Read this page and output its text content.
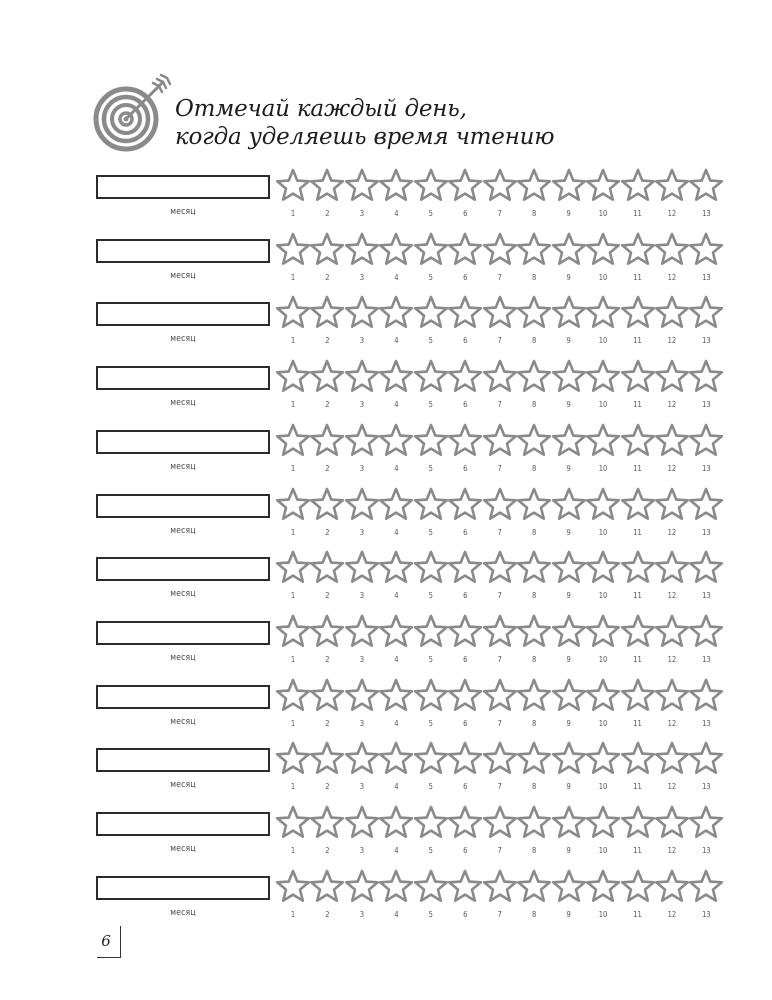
Отмечай каждый день,
когда уделяешь время чтению
месяц	1	2	3	4	5	6	7	8	9	10	11	12	13
месяц	1	2	3	4	5	6	7	8	9	10	11	12	13
месяц	1	2	3	4	5	6	7	8	9	10	11	12	13
месяц	1	2	3	4	5	6	7	8	9	10	11	12	13
месяц	1	2	3	4	5	6	7	8	9	10	11	12	13
месяц	1	2	3	4	5	6	7	8	9	10	11	12	13
месяц	1	2	3	4	5	6	7	8	9	10	11	12	13
месяц	1	2	3	4	5	6	7	8	9	10	11	12	13
месяц	1	2	3	4	5	6	7	8	9	10	11	12	13
месяц	1	2	3	4	5	6	7	8	9	10	11	12	13
месяц	1	2	3	4	5	6	7	8	9	10	11	12	13
месяц	1	2	3	4	5	6	7	8	9	10	11	12	13
6
